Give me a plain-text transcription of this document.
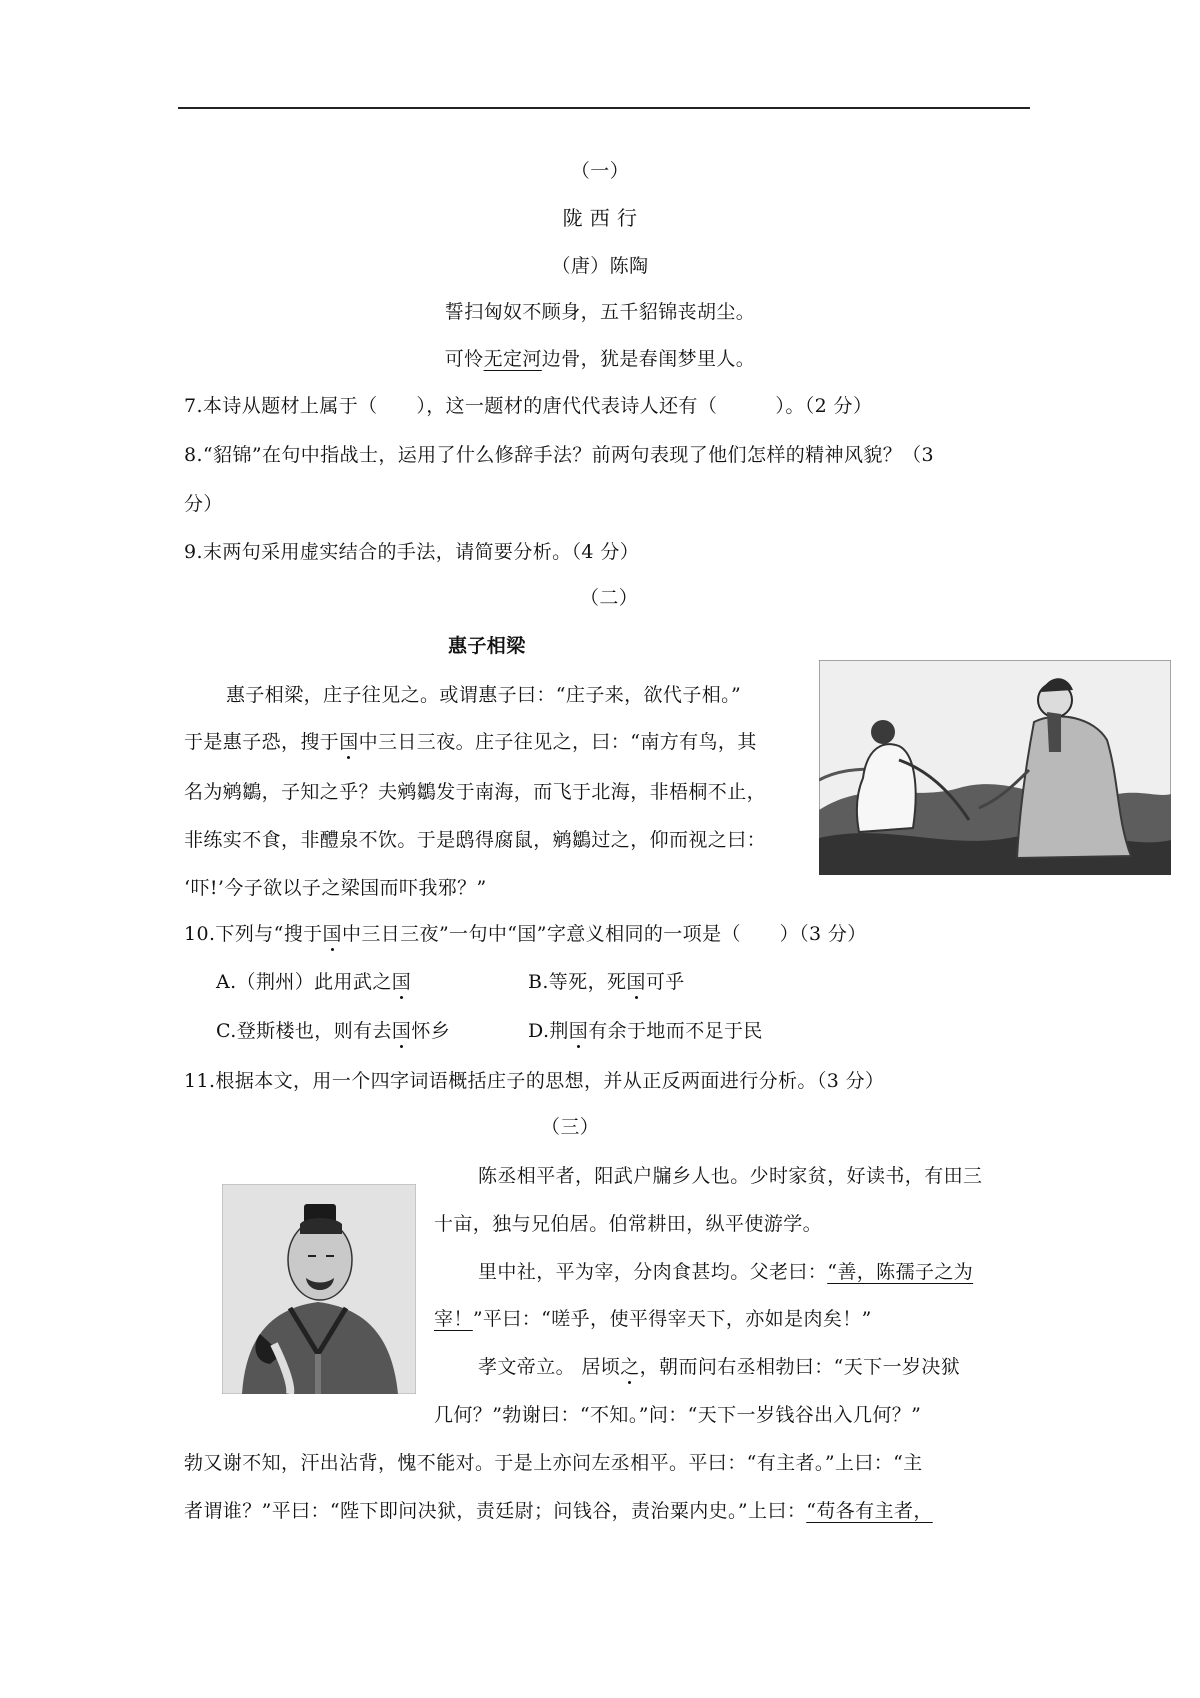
（一）
陇 西 行
（唐）陈陶
誓扫匈奴不顾身，五千貂锦丧胡尘。
可怜无定河边骨，犹是春闺梦里人。
7.本诗从题材上属于（　　），这一题材的唐代代表诗人还有（　　　）。（2 分）
8.“貂锦”在句中指战士，运用了什么修辞手法？前两句表现了他们怎样的精神风貌？（3
分）
9.末两句采用虚实结合的手法，请简要分析。（4 分）
（二）
惠子相梁
惠子相梁，庄子往见之。或谓惠子曰：“庄子来，欲代子相。”
于是惠子恐，搜于国中三日三夜。庄子往见之，曰：“南方有鸟，其
名为鹓鶵，子知之乎？夫鹓鶵发于南海，而飞于北海，非梧桐不止，
非练实不食，非醴泉不饮。于是鸱得腐鼠，鹓鶵过之，仰而视之曰：
‘吓!’今子欲以子之梁国而吓我邪？”
10.下列与“搜于国中三日三夜”一句中“国”字意义相同的一项是（　　）（3 分）
A.（荆州）此用武之国	B.等死，死国可乎
C.登斯楼也，则有去国怀乡	D.荆国有余于地而不足于民
11.根据本文，用一个四字词语概括庄子的思想，并从正反两面进行分析。（3 分）
（三）
陈丞相平者，阳武户牖乡人也。少时家贫，好读书，有田三
十亩，独与兄伯居。伯常耕田，纵平使游学。
里中社，平为宰，分肉食甚均。父老曰：“善，陈孺子之为
宰！”平曰：“嗟乎，使平得宰天下，亦如是肉矣！”
孝文帝立。 居顷之，朝而问右丞相勃曰：“天下一岁决狱
几何？”勃谢曰：“不知。”问：“天下一岁钱谷出入几何？”
勃又谢不知，汗出沾背，愧不能对。于是上亦问左丞相平。平曰：“有主者。”上曰：“主
者谓谁？”平曰：“陛下即问决狱，责廷尉；问钱谷，责治粟内史。”上曰：“苟各有主者，
